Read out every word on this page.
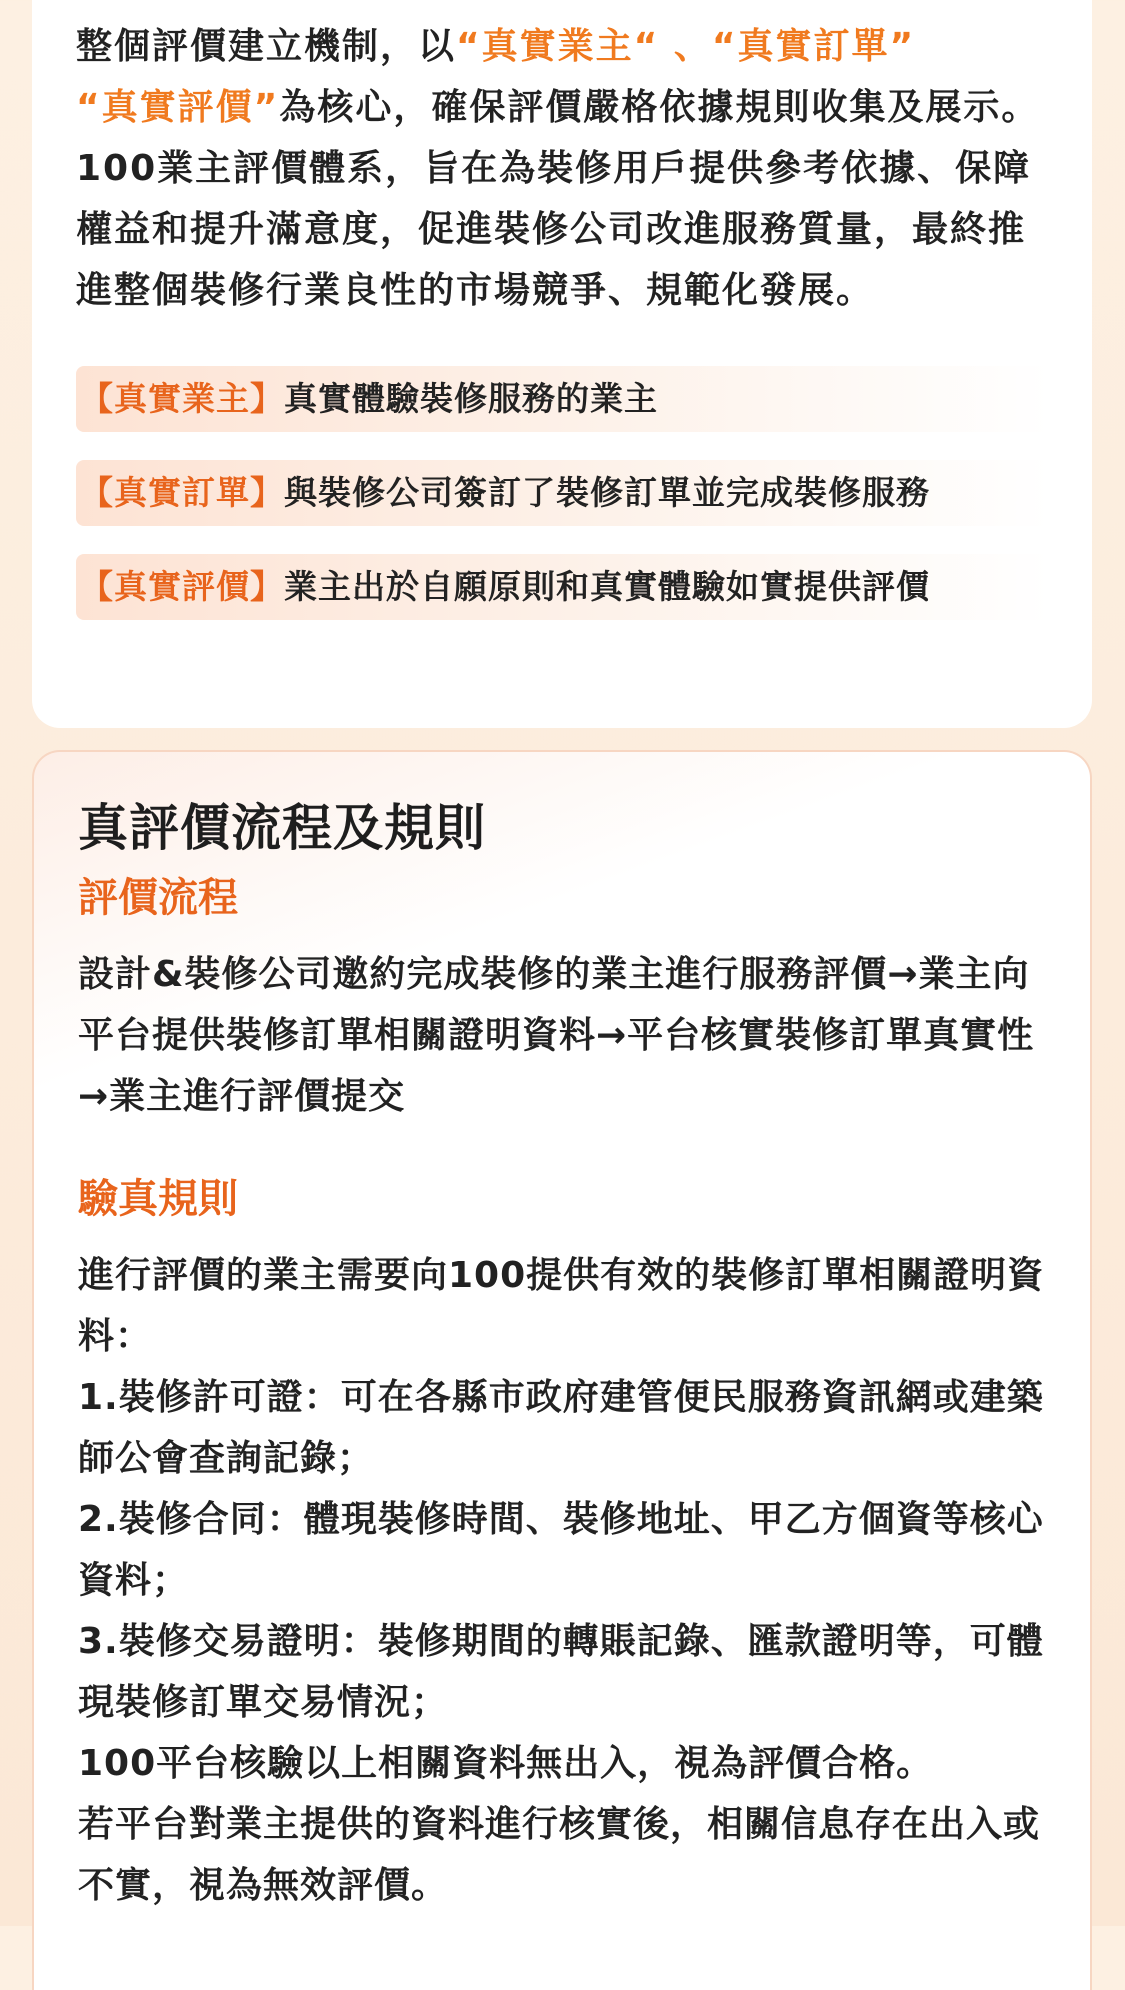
整個評價建立機制，以“真實業主“ 、“真實訂單”
“真實評價”為核心，確保評價嚴格依據規則收集及展示。100業主評價體系，旨在為裝修用戶提供參考依據、保障權益和提升滿意度，促進裝修公司改進服務質量，最終推進整個裝修行業良性的市場競爭、規範化發展。

【真實業主】真實體驗裝修服務的業主
【真實訂單】與裝修公司簽訂了裝修訂單並完成裝修服務
【真實評價】業主出於自願原則和真實體驗如實提供評價
真評價流程及規則
評價流程

設計&裝修公司邀約完成裝修的業主進行服務評價→業主向平台提供裝修訂單相關證明資料→平台核實裝修訂單真實性→業主進行評價提交

驗真規則
進行評價的業主需要向100提供有效的裝修訂單相關證明資料：
1.裝修許可證：可在各縣市政府建管便民服務資訊網或建築師公會查詢記錄；
2.裝修合同：體現裝修時間、裝修地址、甲乙方個資等核心資料；
3.裝修交易證明：裝修期間的轉賬記錄、匯款證明等，可體現裝修訂單交易情況；
100平台核驗以上相關資料無出入，視為評價合格。
若平台對業主提供的資料進行核實後，相關信息存在出入或不實，視為無效評價。
